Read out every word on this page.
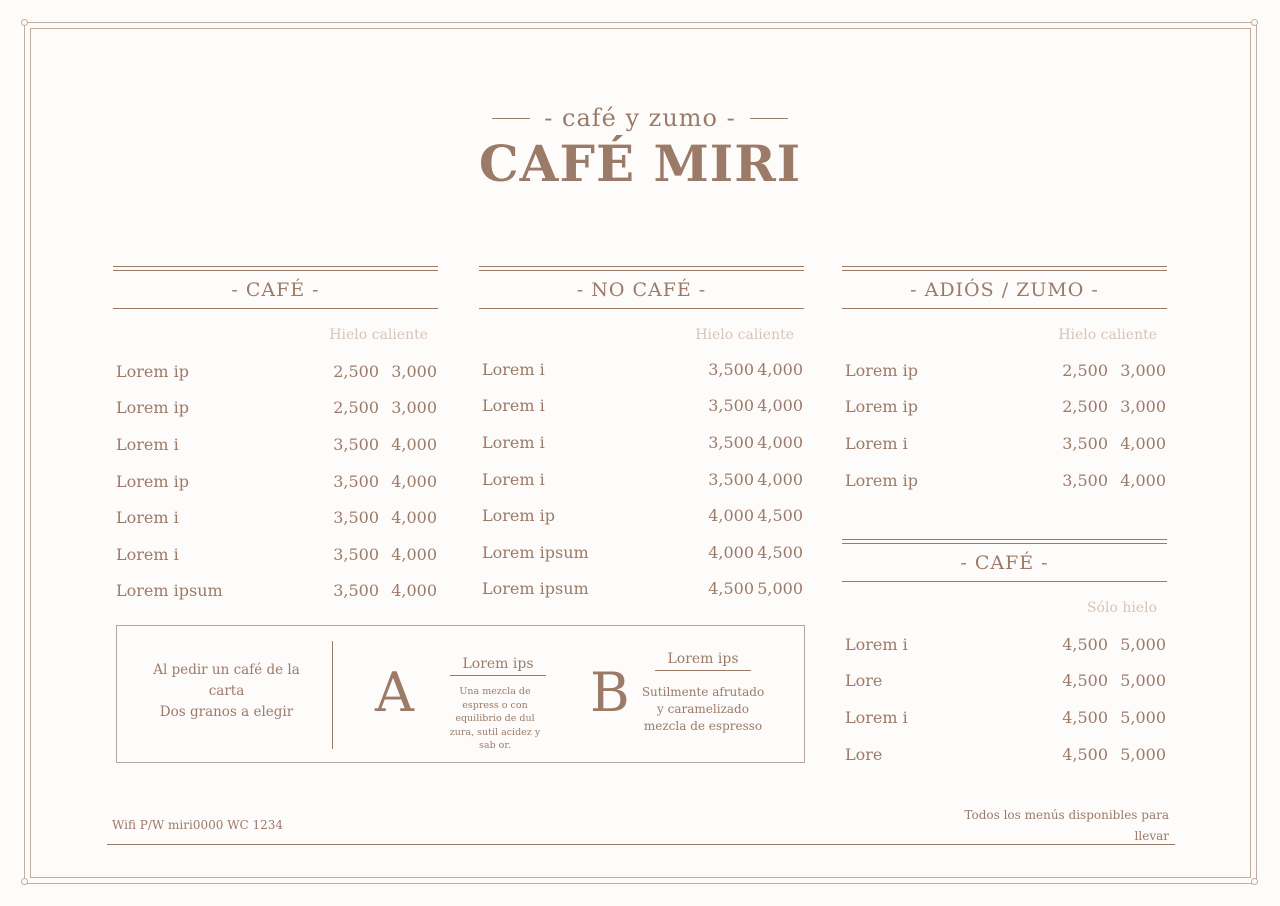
- café y zumo -
CAFÉ MIRI
- CAFÉ -
Hielo caliente
Lorem ip	2,500 3,000
Lorem ip	2,500 3,000
Lorem i	3,500 4,000
Lorem ip	3,500 4,000
Lorem i	3,500 4,000
Lorem i	3,500 4,000
Lorem ipsum	3,500 4,000
- NO CAFÉ -
Hielo caliente
Lorem i	3,500 4,000
Lorem i	3,500 4,000
Lorem i	3,500 4,000
Lorem i	3,500 4,000
Lorem ip	4,000 4,500
Lorem ipsum	4,000 4,500
Lorem ipsum	4,500 5,000
- ADIÓS / ZUMO -
Hielo caliente
Lorem ip	2,500 3,000
Lorem ip	2,500 3,000
Lorem i	3,500 4,000
Lorem ip	3,500 4,000
- CAFÉ -
Sólo hielo
Lorem i	4,500 5,000
Lore	4,500 5,000
Lorem i	4,500 5,000
Lore	4,500 5,000
Al pedir un café de la carta
Dos granos a elegir	A	Lorem ips
Una mezcla de espress o con equilibrio de dul zura, sutil acidez y sab or.
B
Lorem ips
Sutilmente afrutado y caramelizado mezcla de espresso
Wifi P/W miri0000 WC 1234
Todos los menús disponibles para llevar
